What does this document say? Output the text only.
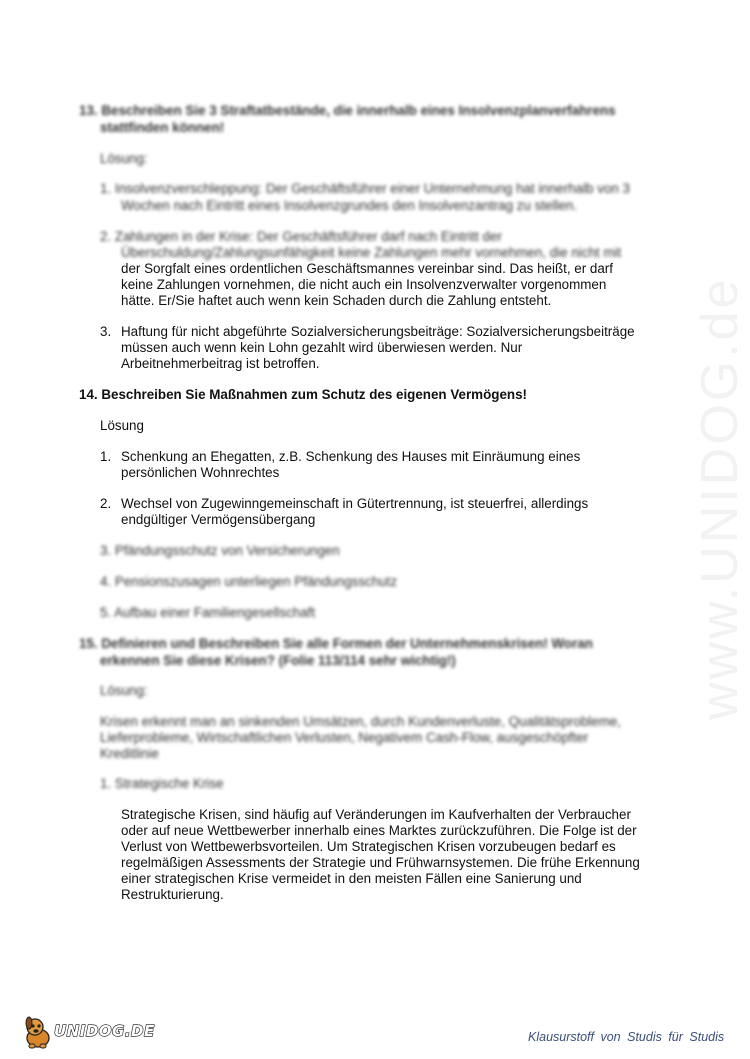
www.UNIDOG.de
13. Beschreiben Sie 3 Straftatbestände, die innerhalb eines Insolvenzplanverfahrens
stattfinden können!
Lösung:
1. Insolvenzverschleppung: Der Geschäftsführer einer Unternehmung hat innerhalb von 3
Wochen nach Eintritt eines Insolvenzgrundes den Insolvenzantrag zu stellen.
2. Zahlungen in der Krise: Der Geschäftsführer darf nach Eintritt der
Überschuldung/Zahlungsunfähigkeit keine Zahlungen mehr vornehmen, die nicht mit
der Sorgfalt eines ordentlichen Geschäftsmannes vereinbar sind. Das heißt, er darf
keine Zahlungen vornehmen, die nicht auch ein Insolvenzverwalter vorgenommen
hätte. Er/Sie haftet auch wenn kein Schaden durch die Zahlung entsteht.
3. Haftung für nicht abgeführte Sozialversicherungsbeiträge: Sozialversicherungsbeiträge
müssen auch wenn kein Lohn gezahlt wird überwiesen werden. Nur
Arbeitnehmerbeitrag ist betroffen.
14. Beschreiben Sie Maßnahmen zum Schutz des eigenen Vermögens!
Lösung
1. Schenkung an Ehegatten, z.B. Schenkung des Hauses mit Einräumung eines
persönlichen Wohnrechtes
2. Wechsel von Zugewinngemeinschaft in Gütertrennung, ist steuerfrei, allerdings
endgültiger Vermögensübergang
3. Pfändungsschutz von Versicherungen
4. Pensionszusagen unterliegen Pfändungsschutz
5. Aufbau einer Familiengesellschaft
15. Definieren und Beschreiben Sie alle Formen der Unternehmenskrisen! Woran
erkennen Sie diese Krisen? (Folie 113/114 sehr wichtig!)
Lösung:
Krisen erkennt man an sinkenden Umsätzen, durch Kundenverluste, Qualitätsprobleme,
Lieferprobleme, Wirtschaftlichen Verlusten, Negativem Cash-Flow, ausgeschöpfter
Kreditlinie
1. Strategische Krise
Strategische Krisen, sind häufig auf Veränderungen im Kaufverhalten der Verbraucher
oder auf neue Wettbewerber innerhalb eines Marktes zurückzuführen. Die Folge ist der
Verlust von Wettbewerbsvorteilen. Um Strategischen Krisen vorzubeugen bedarf es
regelmäßigen Assessments der Strategie und Frühwarnsystemen. Die frühe Erkennung
einer strategischen Krise vermeidet in den meisten Fällen eine Sanierung und
Restrukturierung.
UNIDOG.DE	Klausurstoff von Studis für Studis
